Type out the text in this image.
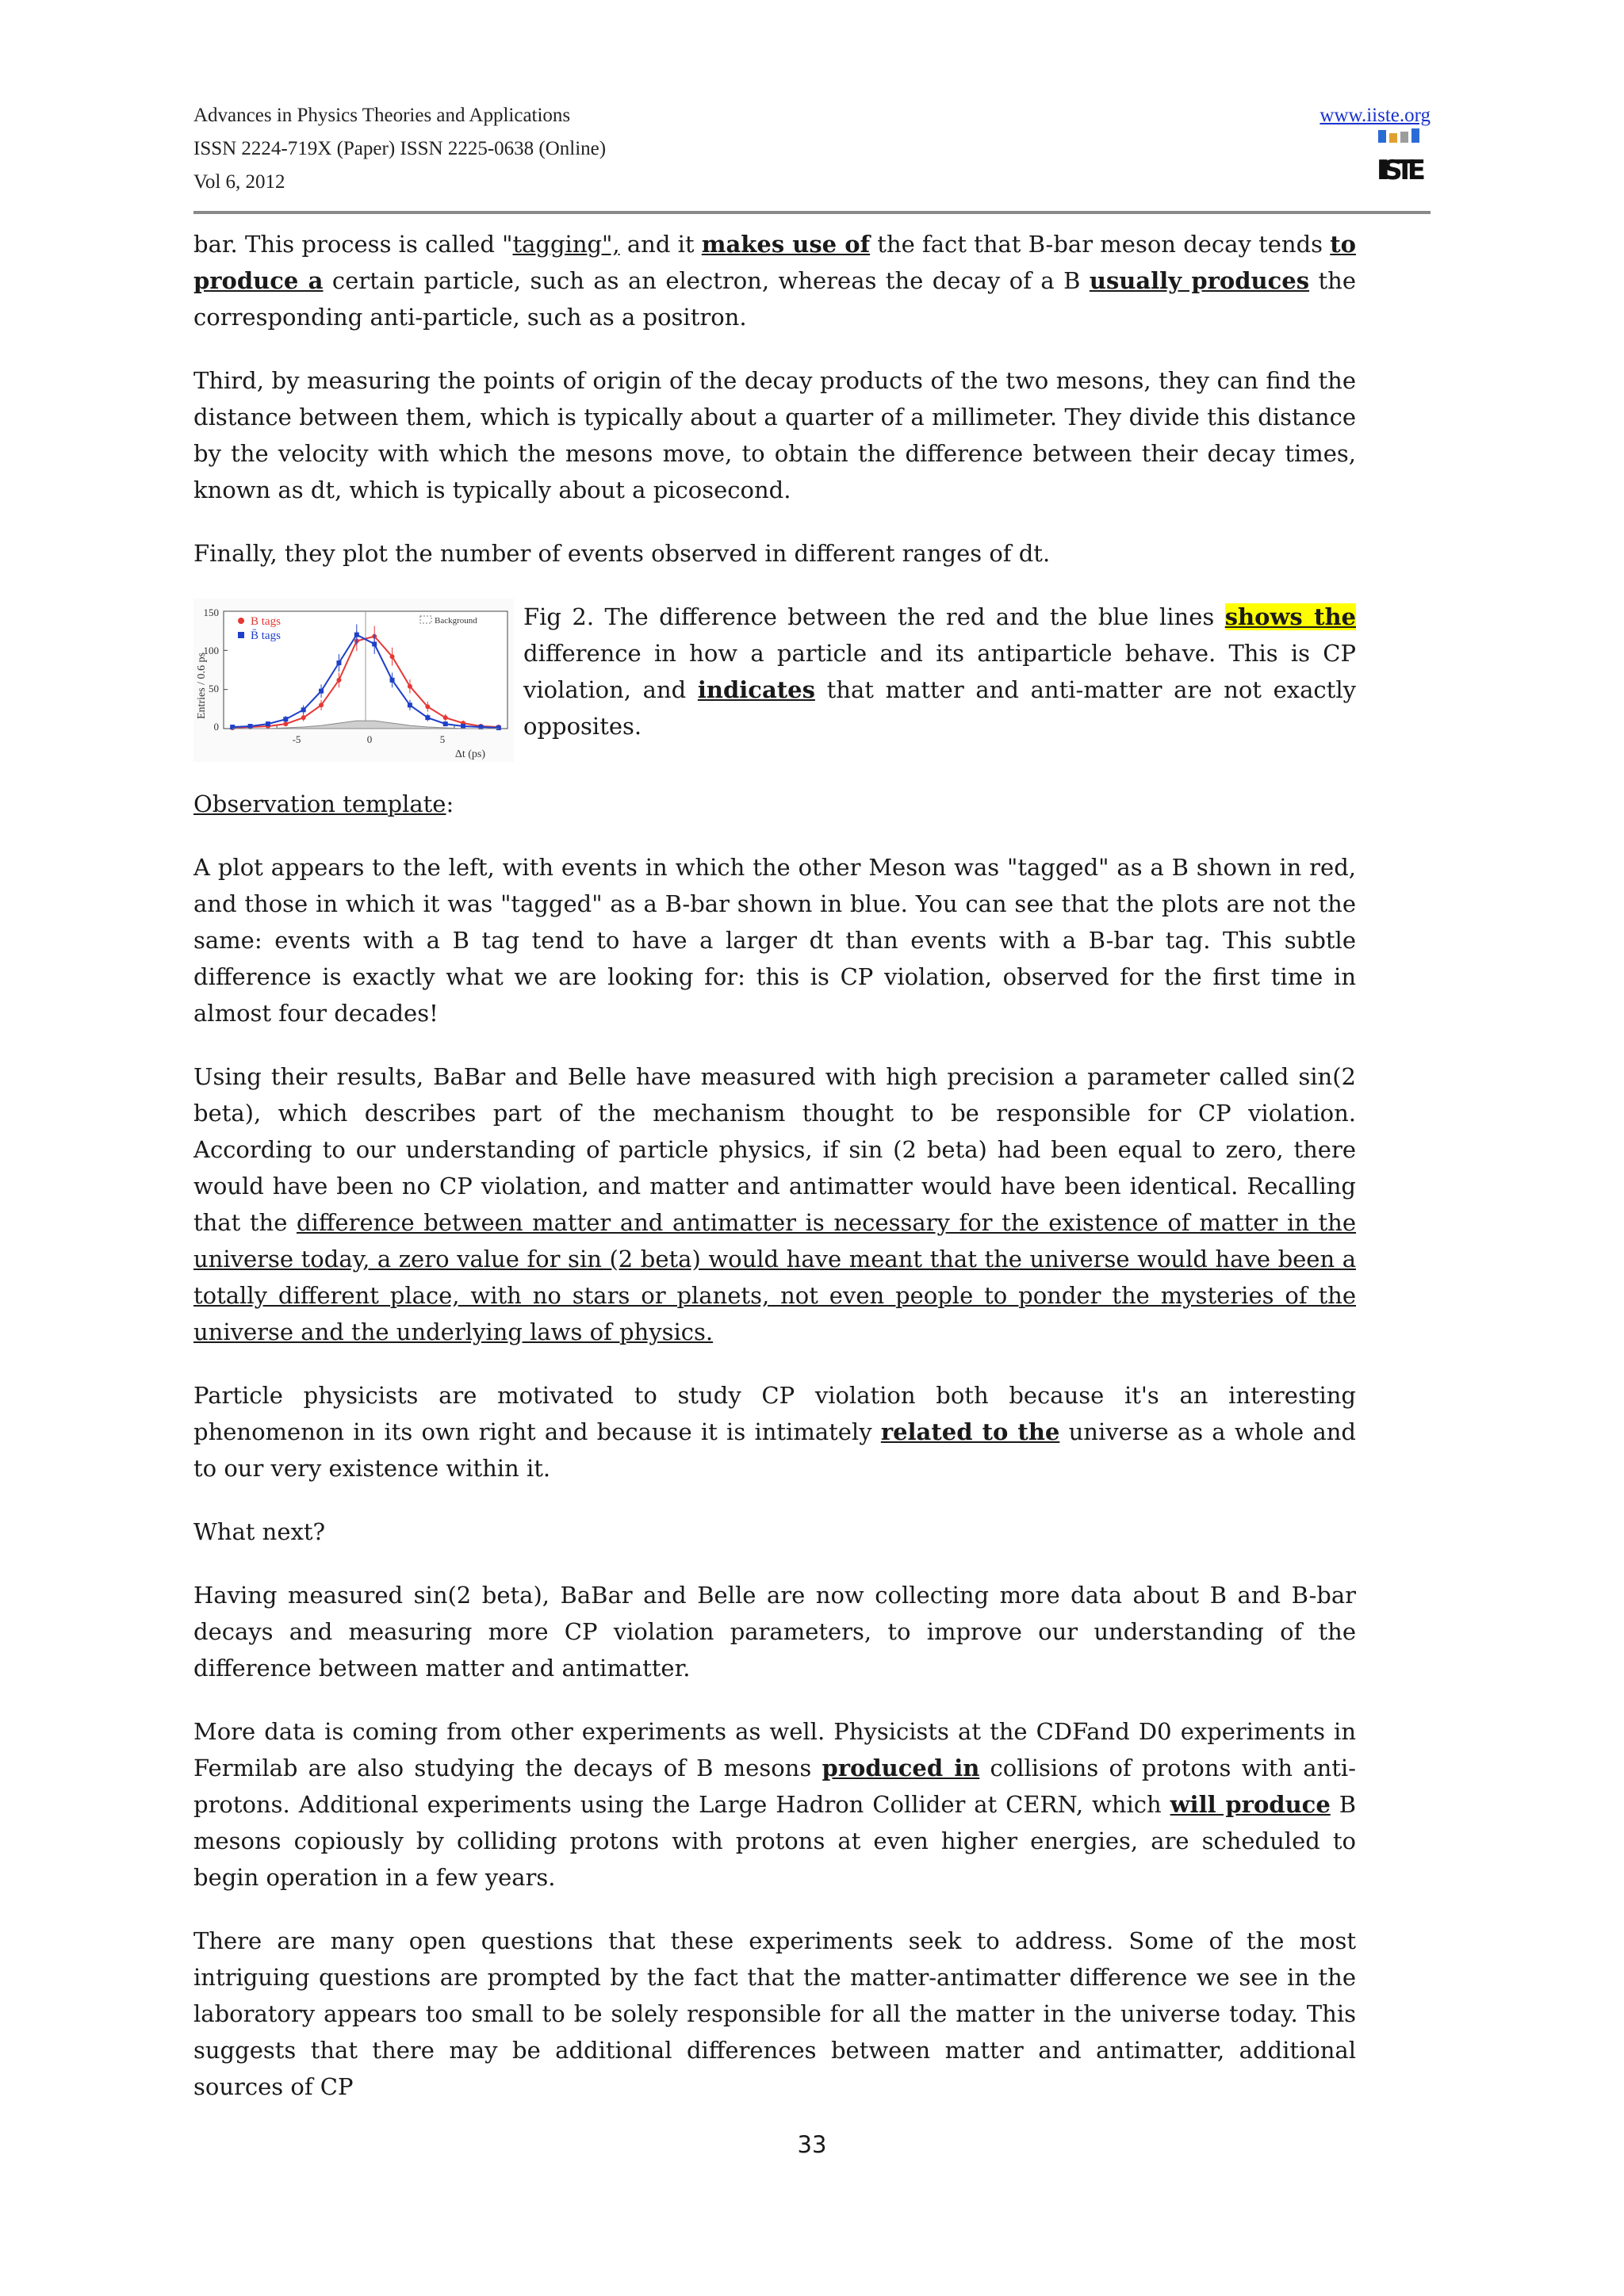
Advances in Physics Theories and Applications
ISSN 2224-719X (Paper) ISSN 2225-0638 (Online)
Vol 6, 2012
www.iiste.org
IISTE

bar. This process is called "tagging", and it makes use of the fact that B-bar meson decay tends to produce a certain particle, such as an electron, whereas the decay of a B usually produces the corresponding anti-particle, such as a positron.

Third, by measuring the points of origin of the decay products of the two mesons, they can find the distance between them, which is typically about a quarter of a millimeter. They divide this distance by the velocity with which the mesons move, to obtain the difference between their decay times, known as dt, which is typically about a picosecond.

Finally, they plot the number of events observed in different ranges of dt.

Entries / 0.6 ps
Δt (ps)
150
100
50
0
-5	0	5
B tags
B̄ tags
Background Fig 2. The difference between the red and the blue lines shows the difference in how a particle and its antiparticle behave. This is CP violation, and indicates that matter and anti-matter are not exactly opposites.

Observation template:

A plot appears to the left, with events in which the other Meson was "tagged" as a B shown in red, and those in which it was "tagged" as a B-bar shown in blue. You can see that the plots are not the same: events with a B tag tend to have a larger dt than events with a B-bar tag. This subtle difference is exactly what we are looking for: this is CP violation, observed for the first time in almost four decades!

Using their results, BaBar and Belle have measured with high precision a parameter called sin(2 beta), which describes part of the mechanism thought to be responsible for CP violation. According to our understanding of particle physics, if sin (2 beta) had been equal to zero, there would have been no CP violation, and matter and antimatter would have been identical. Recalling that the difference between matter and antimatter is necessary for the existence of matter in the universe today, a zero value for sin (2 beta) would have meant that the universe would have been a totally different place, with no stars or planets, not even people to ponder the mysteries of the universe and the underlying laws of physics.

Particle physicists are motivated to study CP violation both because it's an interesting phenomenon in its own right and because it is intimately related to the universe as a whole and to our very existence within it.

What next?

Having measured sin(2 beta), BaBar and Belle are now collecting more data about B and B-bar decays and measuring more CP violation parameters, to improve our understanding of the difference between matter and antimatter.

More data is coming from other experiments as well. Physicists at the CDFand D0 experiments in Fermilab are also studying the decays of B mesons produced in collisions of protons with anti-protons. Additional experiments using the Large Hadron Collider at CERN, which will produce B mesons copiously by colliding protons with protons at even higher energies, are scheduled to begin operation in a few years.

There are many open questions that these experiments seek to address. Some of the most intriguing questions are prompted by the fact that the matter-antimatter difference we see in the laboratory appears too small to be solely responsible for all the matter in the universe today. This suggests that there may be additional differences between matter and antimatter, additional sources of CP

33
